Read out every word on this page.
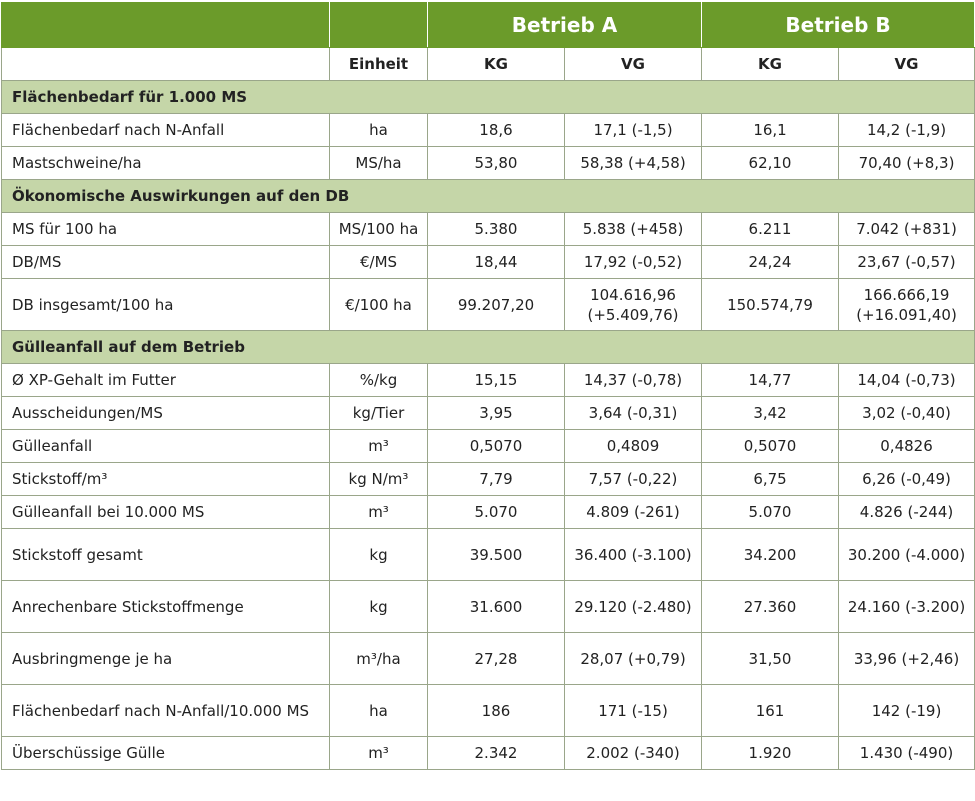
		Betrieb A		Betrieb B	
	Einheit	KG	VG	KG	VG
Flächenbedarf für 1.000 MS					
Flächenbedarf nach N-Anfall	ha	18,6	17,1 (-1,5)	16,1	14,2 (-1,9)
Mastschweine/ha	MS/ha	53,80	58,38 (+4,58)	62,10	70,40 (+8,3)
Ökonomische Auswirkungen auf den DB					
MS für 100 ha	MS/100 ha	5.380	5.838 (+458)	6.211	7.042 (+831)
DB/MS	€/MS	18,44	17,92 (-0,52)	24,24	23,67 (-0,57)
DB insgesamt/100 ha	€/100 ha	99.207,20	104.616,96 (+5.409,76)	150.574,79	166.666,19 (+16.091,40)
Gülleanfall auf dem Betrieb					
Ø XP-Gehalt im Futter	%/kg	15,15	14,37 (-0,78)	14,77	14,04 (-0,73)
Ausscheidungen/MS	kg/Tier	3,95	3,64 (-0,31)	3,42	3,02 (-0,40)
Gülleanfall	m³	0,5070	0,4809	0,5070	0,4826
Stickstoff/m³	kg N/m³	7,79	7,57 (-0,22)	6,75	6,26 (-0,49)
Gülleanfall bei 10.000 MS	m³	5.070	4.809 (-261)	5.070	4.826 (-244)
Stickstoff gesamt	kg	39.500	36.400 (-3.100)	34.200	30.200 (-4.000)
Anrechenbare Stickstoffmenge	kg	31.600	29.120 (-2.480)	27.360	24.160 (-3.200)
Ausbringmenge je ha	m³/ha	27,28	28,07 (+0,79)	31,50	33,96 (+2,46)
Flächenbedarf nach N-Anfall/10.000 MS	ha	186	171 (-15)	161	142 (-19)
Überschüssige Gülle	m³	2.342	2.002 (-340)	1.920	1.430 (-490)
